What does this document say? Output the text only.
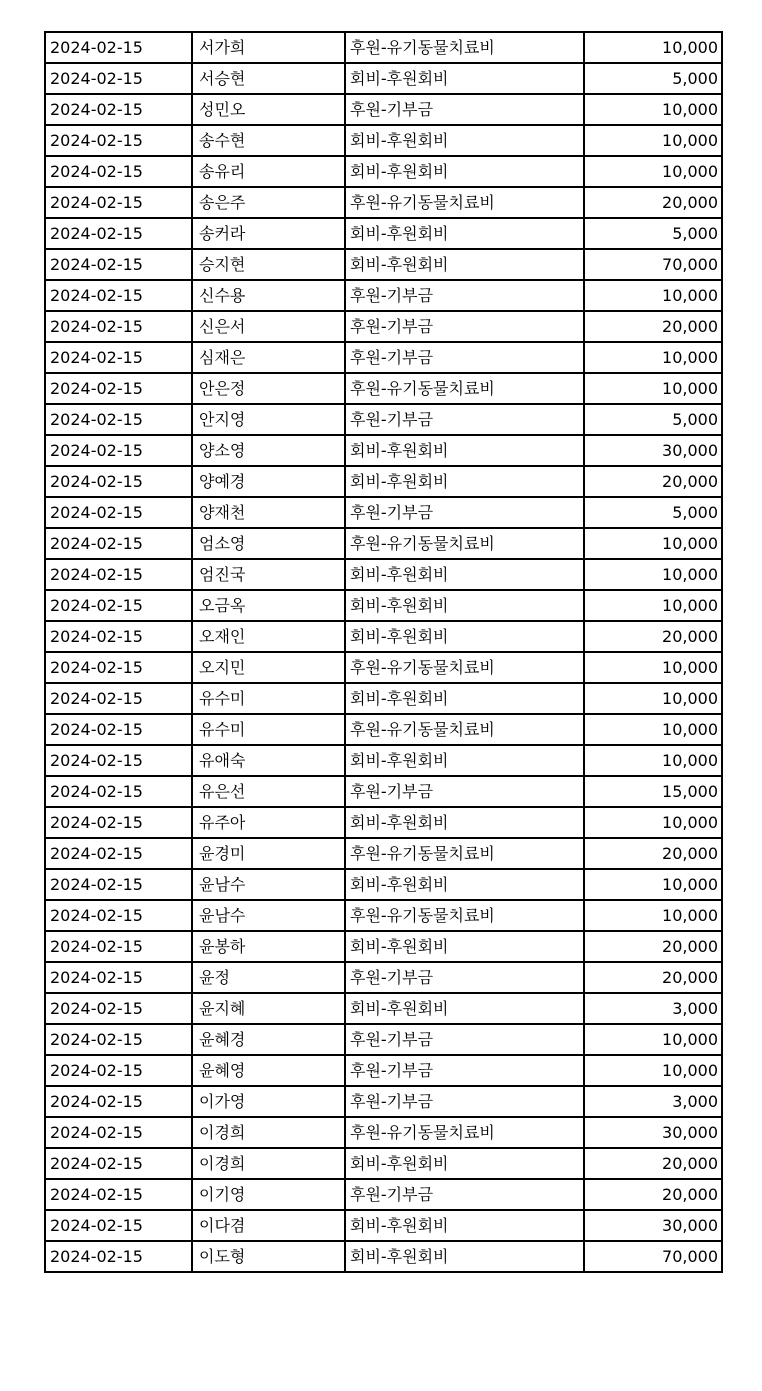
2024-02-15	서가희	후원-유기동물치료비	10,000
2024-02-15	서승현	회비-후원회비	5,000
2024-02-15	성민오	후원-기부금	10,000
2024-02-15	송수현	회비-후원회비	10,000
2024-02-15	송유리	회비-후원회비	10,000
2024-02-15	송은주	후원-유기동물치료비	20,000
2024-02-15	송커라	회비-후원회비	5,000
2024-02-15	승지현	회비-후원회비	70,000
2024-02-15	신수용	후원-기부금	10,000
2024-02-15	신은서	후원-기부금	20,000
2024-02-15	심재은	후원-기부금	10,000
2024-02-15	안은정	후원-유기동물치료비	10,000
2024-02-15	안지영	후원-기부금	5,000
2024-02-15	양소영	회비-후원회비	30,000
2024-02-15	양예경	회비-후원회비	20,000
2024-02-15	양재천	후원-기부금	5,000
2024-02-15	엄소영	후원-유기동물치료비	10,000
2024-02-15	엄진국	회비-후원회비	10,000
2024-02-15	오금옥	회비-후원회비	10,000
2024-02-15	오재인	회비-후원회비	20,000
2024-02-15	오지민	후원-유기동물치료비	10,000
2024-02-15	유수미	회비-후원회비	10,000
2024-02-15	유수미	후원-유기동물치료비	10,000
2024-02-15	유애숙	회비-후원회비	10,000
2024-02-15	유은선	후원-기부금	15,000
2024-02-15	유주아	회비-후원회비	10,000
2024-02-15	윤경미	후원-유기동물치료비	20,000
2024-02-15	윤남수	회비-후원회비	10,000
2024-02-15	윤남수	후원-유기동물치료비	10,000
2024-02-15	윤봉하	회비-후원회비	20,000
2024-02-15	윤정	후원-기부금	20,000
2024-02-15	윤지혜	회비-후원회비	3,000
2024-02-15	윤혜경	후원-기부금	10,000
2024-02-15	윤혜영	후원-기부금	10,000
2024-02-15	이가영	후원-기부금	3,000
2024-02-15	이경희	후원-유기동물치료비	30,000
2024-02-15	이경희	회비-후원회비	20,000
2024-02-15	이기영	후원-기부금	20,000
2024-02-15	이다겸	회비-후원회비	30,000
2024-02-15	이도형	회비-후원회비	70,000
